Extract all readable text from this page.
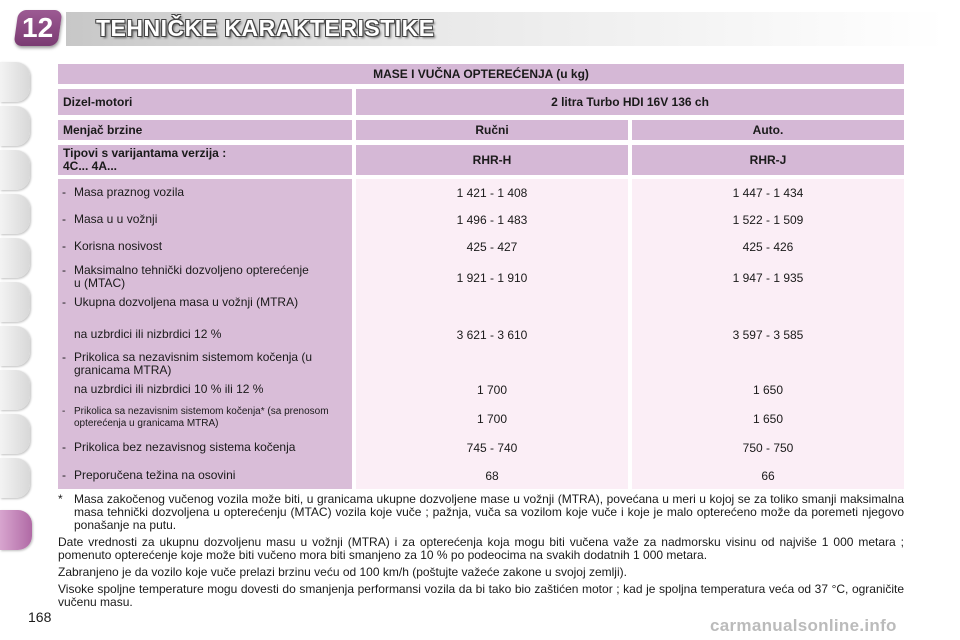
12	TEHNIČKE KARAKTERISTIKE
MASE I VUČNA OPTEREĆENJA (u kg)
Dizel-motori	2 litra Turbo HDI 16V 136 ch
Menjač brzine	Ručni	Auto.
Tipovi s varijantama verzija :
4C... 4A...	RHR-H	RHR-J
- Masa praznog vozila	1 421 - 1 408	1 447 - 1 434
- Masa u u vožnji	1 496 - 1 483	1 522 - 1 509
- Korisna nosivost	425 - 427	425 - 426
- Maksimalno tehnički dozvoljeno opterećenje u (MTAC)	1 921 - 1 910	1 947 - 1 935
- Ukupna dozvoljena masa u vožnji (MTRA)
na uzbrdici ili nizbrdici 12 %	3 621 - 3 610	3 597 - 3 585
- Prikolica sa nezavisnim sistemom kočenja (u granicama MTRA)
na uzbrdici ili nizbrdici 10 % ili 12 %	1 700	1 650
- Prikolica sa nezavisnim sistemom kočenja* (sa prenosom opterećenja u granicama MTRA)	1 700	1 650
- Prikolica bez nezavisnog sistema kočenja	745 - 740	750 - 750
- Preporučena težina na osovini	68	66

* Masa zakočenog vučenog vozila može biti, u granicama ukupne dozvoljene mase u vožnji (MTRA), povećana u meri u kojoj se za toliko smanji maksimalna masa tehnički dozvoljena u opterećenju (MTAC) vozila koje vuče ; pažnja, vuča sa vozilom koje vuče i koje je malo opterećeno može da poremeti njegovo ponašanje na putu.

Date vrednosti za ukupnu dozvoljenu masu u vožnji (MTRA) i za opterećenja koja mogu biti vučena važe za nadmorsku visinu od najviše 1 000 metara ; pomenuto opterećenje koje može biti vučeno mora biti smanjeno za 10 % po podeocima na svakih dodatnih 1 000 metara.

Zabranjeno je da vozilo koje vuče prelazi brzinu veću od 100 km/h (poštujte važeće zakone u svojoj zemlji).

Visoke spoljne temperature mogu dovesti do smanjenja performansi vozila da bi tako bio zaštićen motor ; kad je spoljna temperatura veća od 37 °C, ograničite vučenu masu.

168	carmanualsonline.info
